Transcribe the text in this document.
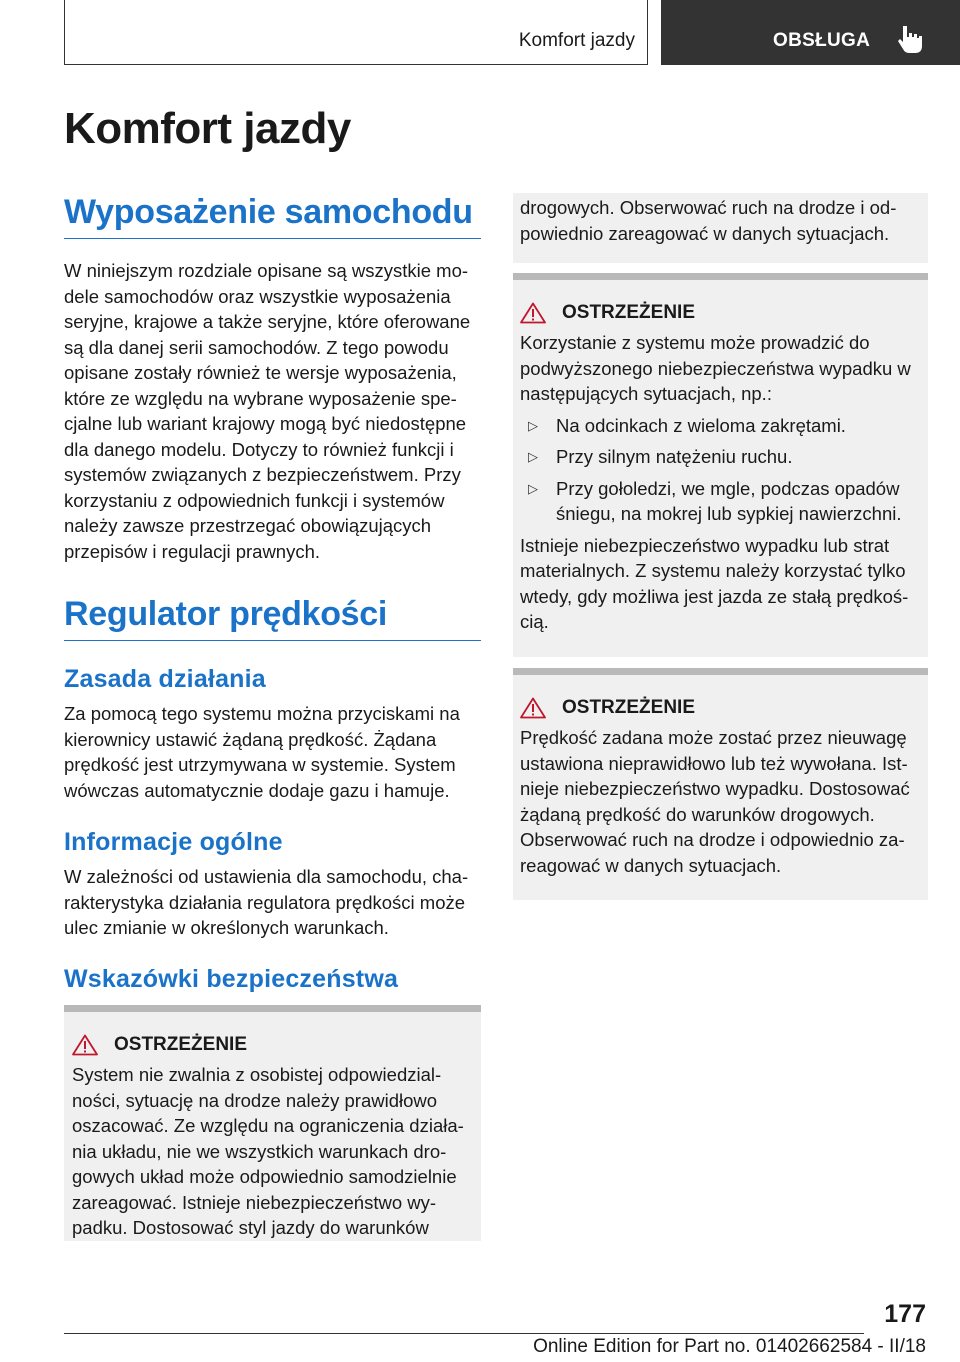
Komfort jazdy	OBSŁUGA
Komfort jazdy
Wyposażenie samochodu
W niniejszym rozdziale opisane są wszystkie modele samochodów oraz wszystkie wyposażenia seryjne, krajowe a także seryjne, które oferowane są dla danej serii samochodów. Z tego powodu opisane zostały również te wersje wyposażenia, które ze względu na wybrane wyposażenie specjalne lub wariant krajowy mogą być niedostępne dla danego modelu. Dotyczy to również funkcji i systemów związanych z bezpieczeństwem. Przy korzystaniu z odpowiednich funkcji i systemów należy zawsze przestrzegać obowiązujących przepisów i regulacji prawnych.
Regulator prędkości
Zasada działania
Za pomocą tego systemu można przyciskami na kierownicy ustawić żądaną prędkość. Żądana prędkość jest utrzymywana w systemie. System wówczas automatycznie dodaje gazu i hamuje.
Informacje ogólne
W zależności od ustawienia dla samochodu, charakterystyka działania regulatora prędkości może ulec zmianie w określonych warunkach.
Wskazówki bezpieczeństwa
OSTRZEŻENIE
System nie zwalnia z osobistej odpowiedzialności, sytuację na drodze należy prawidłowo oszacować. Ze względu na ograniczenia działania układu, nie we wszystkich warunkach drogowych układ może odpowiednio samodzielnie zareagować. Istnieje niebezpieczeństwo wypadku. Dostosować styl jazdy do warunków
drogowych. Obserwować ruch na drodze i odpowiednio zareagować w danych sytuacjach.
OSTRZEŻENIE
Korzystanie z systemu może prowadzić do podwyższonego niebezpieczeństwa wypadku w następujących sytuacjach, np.:
▷ Na odcinkach z wieloma zakrętami.
▷ Przy silnym natężeniu ruchu.
▷ Przy gołoledzi, we mgle, podczas opadów śniegu, na mokrej lub sypkiej nawierzchni.
Istnieje niebezpieczeństwo wypadku lub strat materialnych. Z systemu należy korzystać tylko wtedy, gdy możliwa jest jazda ze stałą prędkością.
OSTRZEŻENIE
Prędkość zadana może zostać przez nieuwagę ustawiona nieprawidłowo lub też wywołana. Istnieje niebezpieczeństwo wypadku. Dostosować żądaną prędkość do warunków drogowych. Obserwować ruch na drodze i odpowiednio zareagować w danych sytuacjach.
177
Online Edition for Part no. 01402662584 - II/18
